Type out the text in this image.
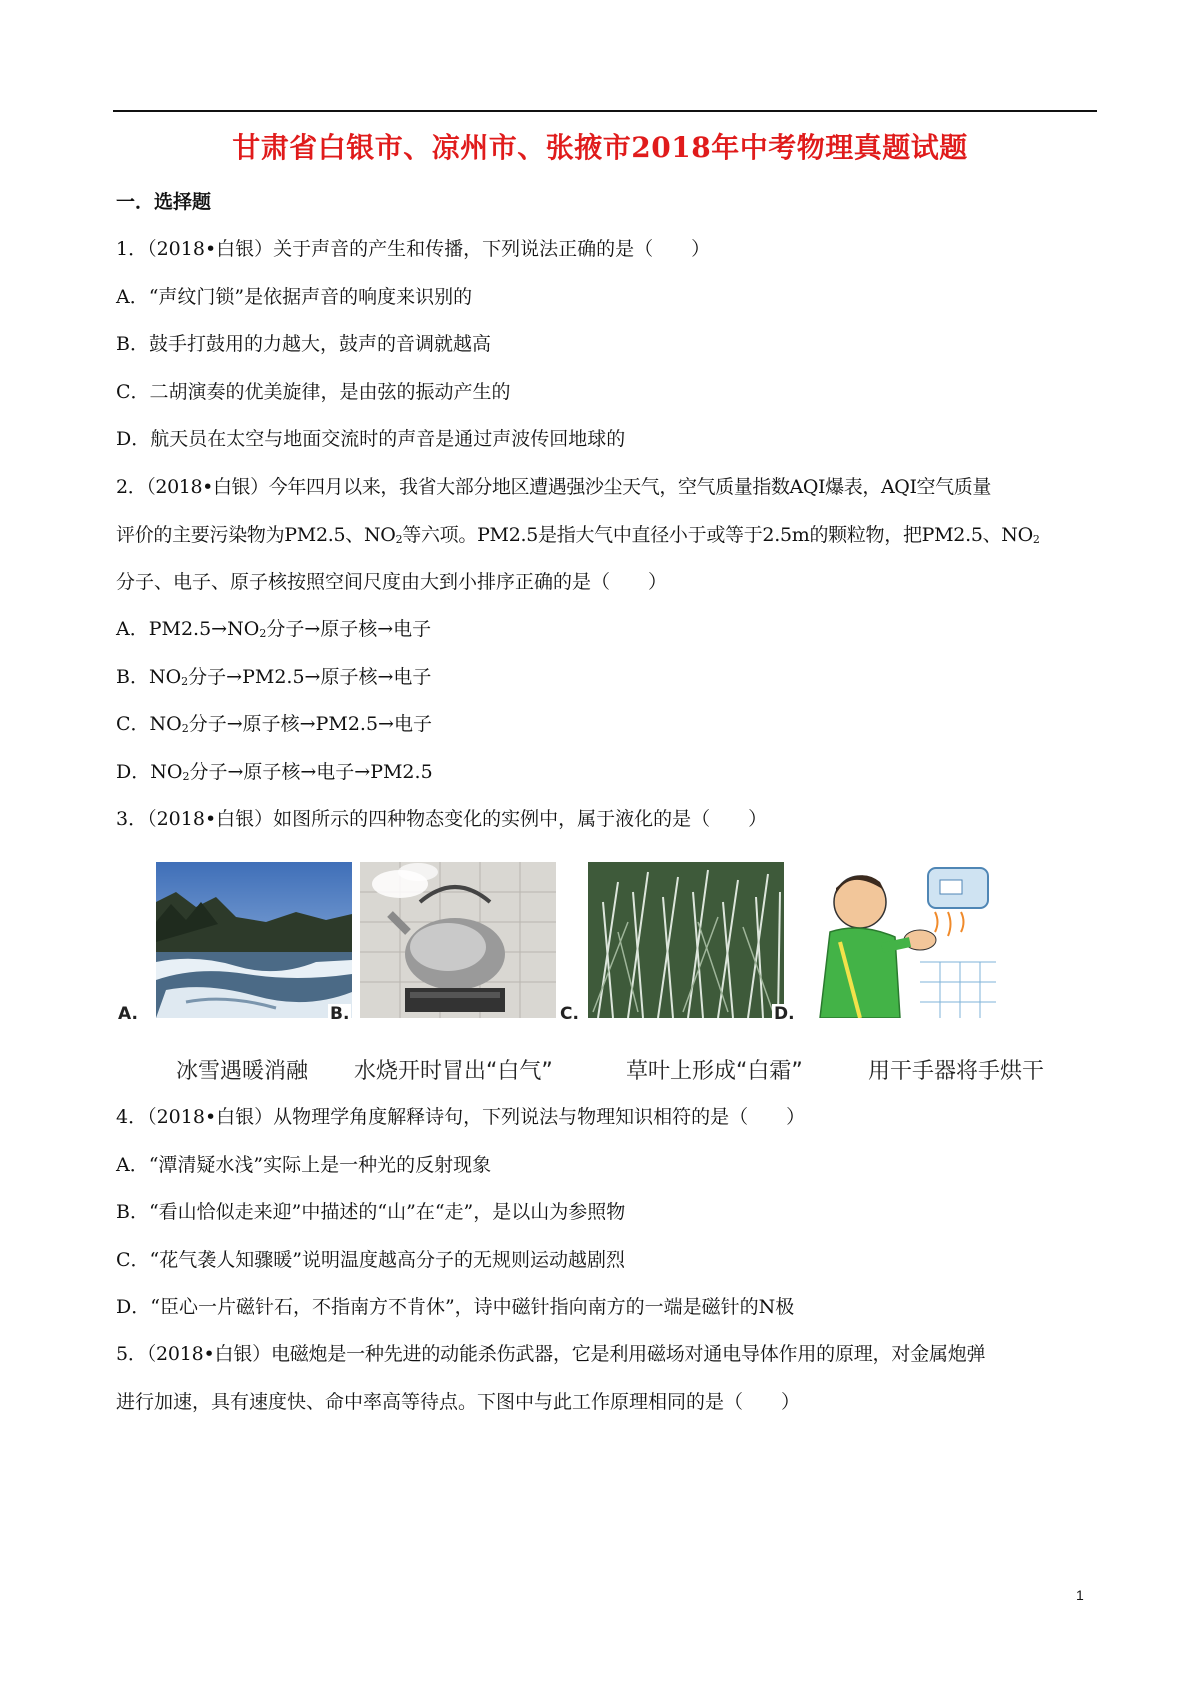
甘肃省白银市、凉州市、张掖市2018年中考物理真题试题
一．选择题
1．（2018•白银）关于声音的产生和传播，下列说法正确的是（　　）
A．“声纹门锁”是依据声音的响度来识别的
B．鼓手打鼓用的力越大，鼓声的音调就越高
C．二胡演奏的优美旋律，是由弦的振动产生的
D．航天员在太空与地面交流时的声音是通过声波传回地球的
2．（2018•白银）今年四月以来，我省大部分地区遭遇强沙尘天气，空气质量指数AQI爆表，AQI空气质量
评价的主要污染物为PM2.5、$NO_2$等六项。PM2.5是指大气中直径小于或等于2.5m的颗粒物，把PM2.5、$NO_2$
分子、电子、原子核按照空间尺度由大到小排序正确的是（　　）
A．$PM2.5\to NO_2$分子→原子核→电子
B．$NO_2$分子→PM2.5→原子核→电子
C．$NO_2$分子→原子核→PM2.5→电子
D．$NO_2$分子→原子核→电子→PM2.5
3．（2018•白银）如图所示的四种物态变化的实例中，属于液化的是（　　）
A.	B.	C.	D.
冰雪遇暖消融 水烧开时冒出“白气”	草叶上形成“白霜”	用干手器将手烘干
4．（2018•白银）从物理学角度解释诗句，下列说法与物理知识相符的是（　　）
A．“潭清疑水浅”实际上是一种光的反射现象
B．“看山恰似走来迎”中描述的“山”在“走”，是以山为参照物
C．“花气袭人知骤暖”说明温度越高分子的无规则运动越剧烈
D．“臣心一片磁针石，不指南方不肯休”，诗中磁针指向南方的一端是磁针的N极
5．（2018•白银）电磁炮是一种先进的动能杀伤武器，它是利用磁场对通电导体作用的原理，对金属炮弹
进行加速，具有速度快、命中率高等待点。下图中与此工作原理相同的是（　　）
1
